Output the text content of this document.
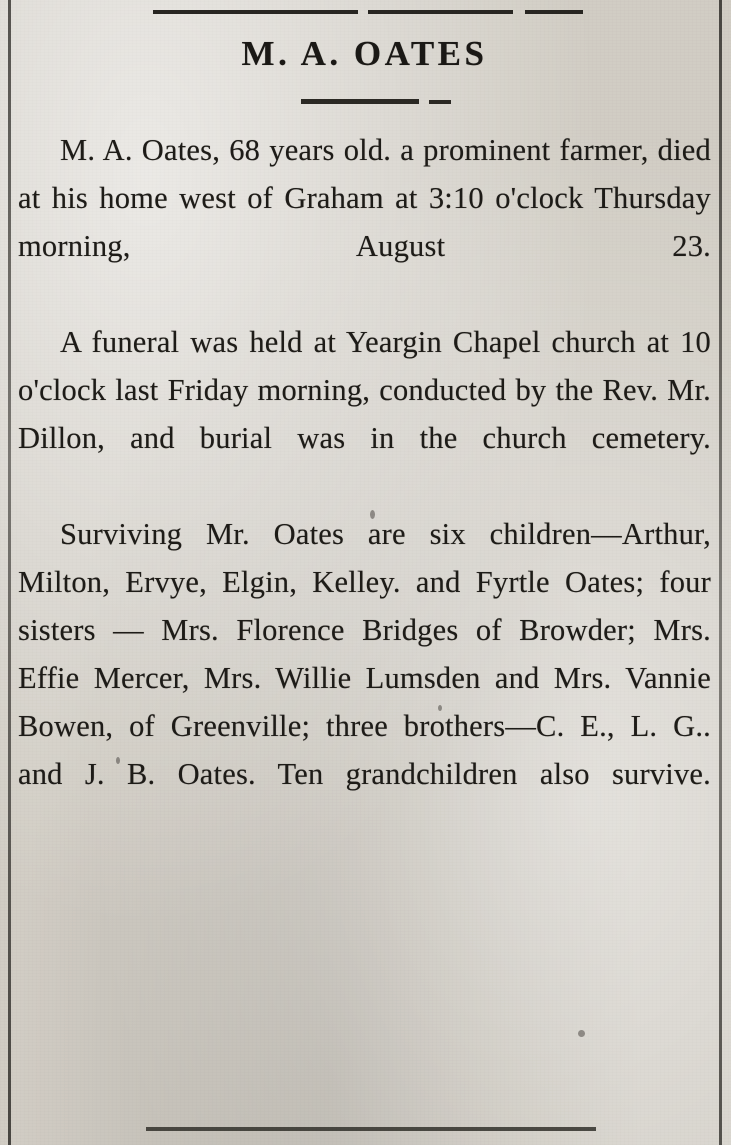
M. A. OATES

M. A. Oates, 68 years old. a prominent farmer, died at his home west of Graham at 3:10 o'clock Thursday morning, August 23.

A funeral was held at Yeargin Chapel church at 10 o'clock last Friday morning, conducted by the Rev. Mr. Dillon, and burial was in the church cemetery.

Surviving Mr. Oates are six children—Arthur, Milton, Ervye, Elgin, Kelley. and Fyrtle Oates; four sisters — Mrs. Florence Bridges of Browder; Mrs. Effie Mercer, Mrs. Willie Lumsden and Mrs. Vannie Bowen, of Greenville; three brothers—C. E., L. G.. and J. B. Oates. Ten grandchildren also survive.
